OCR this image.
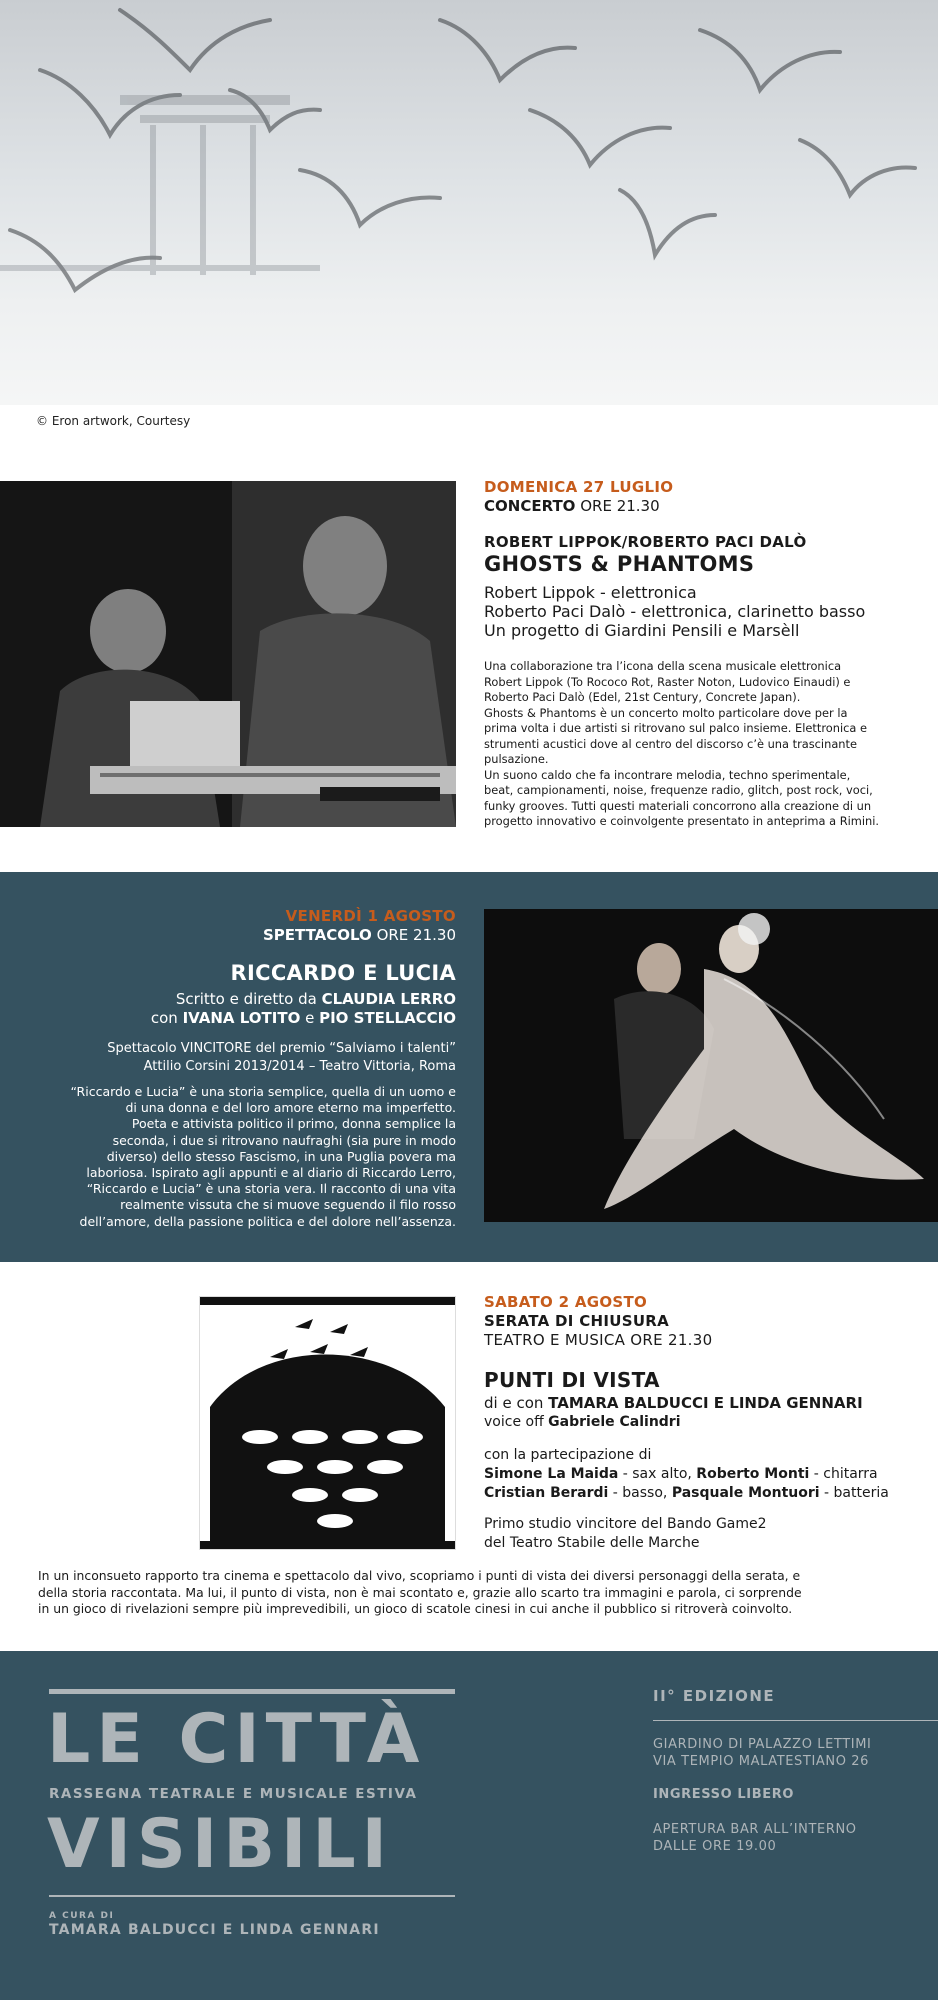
© Eron artwork, Courtesy
DOMENICA 27 LUGLIO
CONCERTO ORE 21.30
ROBERT LIPPOK/ROBERTO PACI DALÒ
GHOSTS & PHANTOMS
Robert Lippok - elettronica
Roberto Paci Dalò - elettronica, clarinetto basso
Un progetto di Giardini Pensili e Marsèll
Una collaborazione tra l’icona della scena musicale elettronica
Robert Lippok (To Rococo Rot, Raster Noton, Ludovico Einaudi) e
Roberto Paci Dalò (Edel, 21st Century, Concrete Japan).
Ghosts & Phantoms è un concerto molto particolare dove per la
prima volta i due artisti si ritrovano sul palco insieme. Elettronica e
strumenti acustici dove al centro del discorso c’è una trascinante
pulsazione.
Un suono caldo che fa incontrare melodia, techno sperimentale,
beat, campionamenti, noise, frequenze radio, glitch, post rock, voci,
funky grooves. Tutti questi materiali concorrono alla creazione di un
progetto innovativo e coinvolgente presentato in anteprima a Rimini.
VENERDÌ 1 AGOSTO
SPETTACOLO ORE 21.30
RICCARDO E LUCIA
Scritto e diretto da CLAUDIA LERRO
con IVANA LOTITO e PIO STELLACCIO
Spettacolo VINCITORE del premio “Salviamo i talenti”
Attilio Corsini 2013/2014 – Teatro Vittoria, Roma
“Riccardo e Lucia” è una storia semplice, quella di un uomo e
di una donna e del loro amore eterno ma imperfetto.
Poeta e attivista politico il primo, donna semplice la
seconda, i due si ritrovano naufraghi (sia pure in modo
diverso) dello stesso Fascismo, in una Puglia povera ma
laboriosa. Ispirato agli appunti e al diario di Riccardo Lerro,
“Riccardo e Lucia” è una storia vera. Il racconto di una vita
realmente vissuta che si muove seguendo il filo rosso
dell’amore, della passione politica e del dolore nell’assenza.
SABATO 2 AGOSTO
SERATA DI CHIUSURA
TEATRO E MUSICA ORE 21.30
PUNTI DI VISTA
di e con TAMARA BALDUCCI E LINDA GENNARI
voice off Gabriele Calindri
con la partecipazione di
Simone La Maida - sax alto, Roberto Monti - chitarra
Cristian Berardi - basso, Pasquale Montuori - batteria
Primo studio vincitore del Bando Game2
del Teatro Stabile delle Marche
In un inconsueto rapporto tra cinema e spettacolo dal vivo, scopriamo i punti di vista dei diversi personaggi della serata, e
della storia raccontata. Ma lui, il punto di vista, non è mai scontato e, grazie allo scarto tra immagini e parola, ci sorprende
in un gioco di rivelazioni sempre più imprevedibili, un gioco di scatole cinesi in cui anche il pubblico si ritroverà coinvolto.
LE CITTÀ
RASSEGNA TEATRALE E MUSICALE ESTIVA
VISIBILI
A CURA DI
TAMARA BALDUCCI E LINDA GENNARI
II° EDIZIONE
GIARDINO DI PALAZZO LETTIMI
VIA TEMPIO MALATESTIANO 26
INGRESSO LIBERO
APERTURA BAR ALL’INTERNO
DALLE ORE 19.00
